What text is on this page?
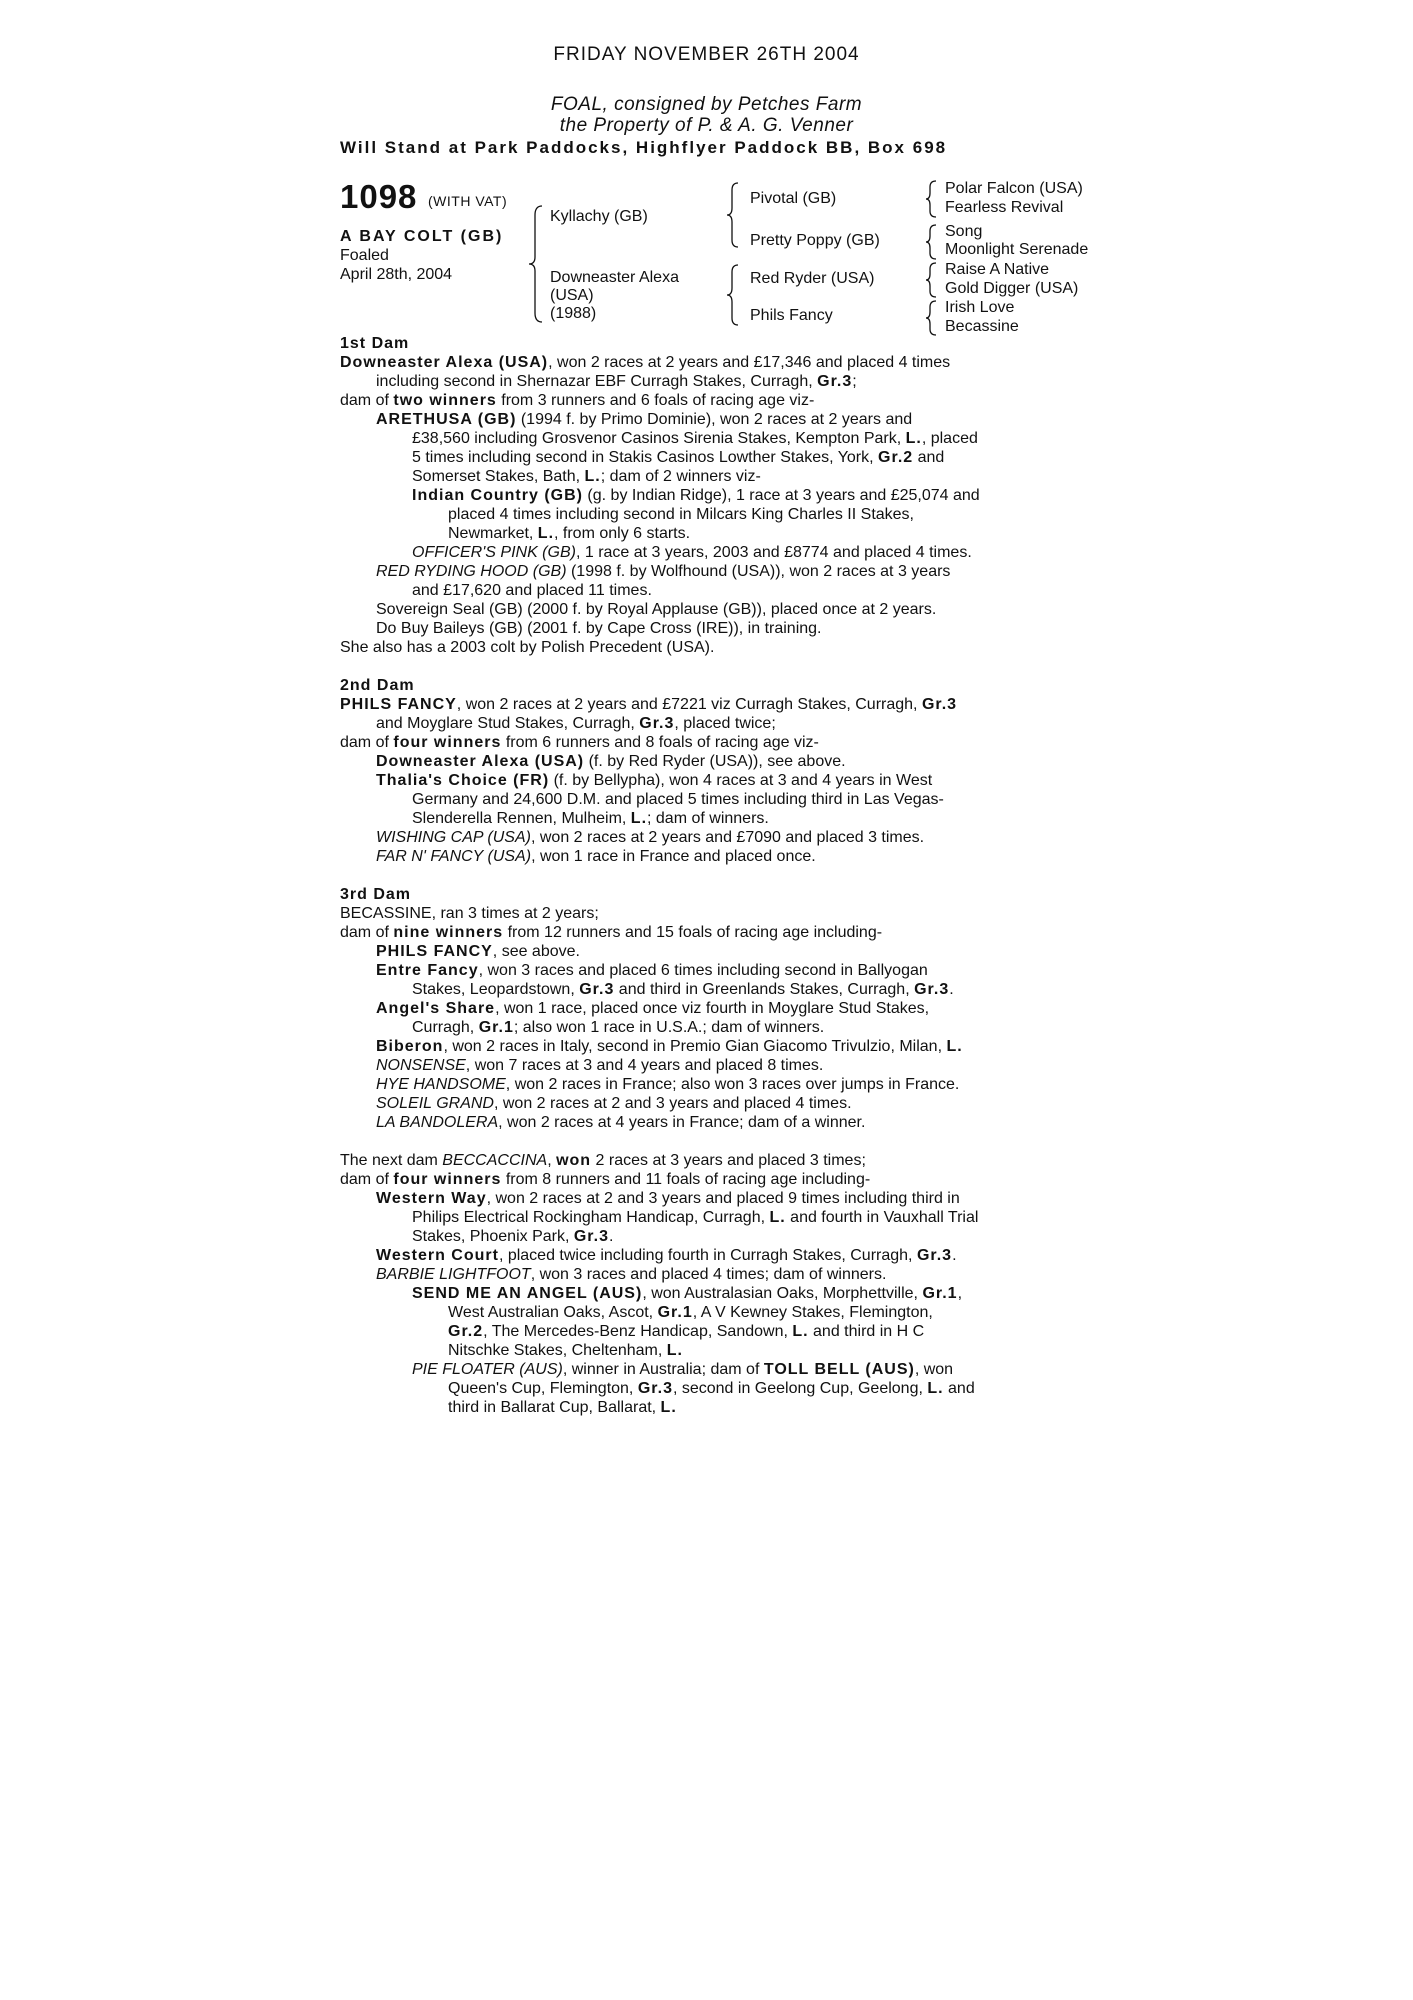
FRIDAY NOVEMBER 26TH 2004
FOAL, consigned by Petches Farm
the Property of P. & A. G. Venner
Will Stand at Park Paddocks, Highflyer Paddock BB, Box 698
1098 (WITH VAT)
A BAY COLT (GB)
Foaled
April 28th, 2004
Kyllachy (GB)
Downeaster Alexa
(USA)
(1988)
Pivotal (GB)
Pretty Poppy (GB)
Red Ryder (USA)
Phils Fancy
Polar Falcon (USA)
Fearless Revival
Song
Moonlight Serenade
Raise A Native
Gold Digger (USA)
Irish Love
Becassine
1st Dam
Downeaster Alexa (USA), won 2 races at 2 years and £17,346 and placed 4 times
including second in Shernazar EBF Curragh Stakes, Curragh, Gr.3;
dam of two winners from 3 runners and 6 foals of racing age viz-
ARETHUSA (GB) (1994 f. by Primo Dominie), won 2 races at 2 years and
£38,560 including Grosvenor Casinos Sirenia Stakes, Kempton Park, L., placed
5 times including second in Stakis Casinos Lowther Stakes, York, Gr.2 and
Somerset Stakes, Bath, L.; dam of 2 winners viz-
Indian Country (GB) (g. by Indian Ridge), 1 race at 3 years and £25,074 and
placed 4 times including second in Milcars King Charles II Stakes,
Newmarket, L., from only 6 starts.
OFFICER'S PINK (GB), 1 race at 3 years, 2003 and £8774 and placed 4 times.
RED RYDING HOOD (GB) (1998 f. by Wolfhound (USA)), won 2 races at 3 years
and £17,620 and placed 11 times.
Sovereign Seal (GB) (2000 f. by Royal Applause (GB)), placed once at 2 years.
Do Buy Baileys (GB) (2001 f. by Cape Cross (IRE)), in training.
She also has a 2003 colt by Polish Precedent (USA).
2nd Dam
PHILS FANCY, won 2 races at 2 years and £7221 viz Curragh Stakes, Curragh, Gr.3
and Moyglare Stud Stakes, Curragh, Gr.3, placed twice;
dam of four winners from 6 runners and 8 foals of racing age viz-
Downeaster Alexa (USA) (f. by Red Ryder (USA)), see above.
Thalia's Choice (FR) (f. by Bellypha), won 4 races at 3 and 4 years in West
Germany and 24,600 D.M. and placed 5 times including third in Las Vegas-
Slenderella Rennen, Mulheim, L.; dam of winners.
WISHING CAP (USA), won 2 races at 2 years and £7090 and placed 3 times.
FAR N' FANCY (USA), won 1 race in France and placed once.
3rd Dam
BECASSINE, ran 3 times at 2 years;
dam of nine winners from 12 runners and 15 foals of racing age including-
PHILS FANCY, see above.
Entre Fancy, won 3 races and placed 6 times including second in Ballyogan
Stakes, Leopardstown, Gr.3 and third in Greenlands Stakes, Curragh, Gr.3.
Angel's Share, won 1 race, placed once viz fourth in Moyglare Stud Stakes,
Curragh, Gr.1; also won 1 race in U.S.A.; dam of winners.
Biberon, won 2 races in Italy, second in Premio Gian Giacomo Trivulzio, Milan, L.
NONSENSE, won 7 races at 3 and 4 years and placed 8 times.
HYE HANDSOME, won 2 races in France; also won 3 races over jumps in France.
SOLEIL GRAND, won 2 races at 2 and 3 years and placed 4 times.
LA BANDOLERA, won 2 races at 4 years in France; dam of a winner.
The next dam BECCACCINA, won 2 races at 3 years and placed 3 times;
dam of four winners from 8 runners and 11 foals of racing age including-
Western Way, won 2 races at 2 and 3 years and placed 9 times including third in
Philips Electrical Rockingham Handicap, Curragh, L. and fourth in Vauxhall Trial
Stakes, Phoenix Park, Gr.3.
Western Court, placed twice including fourth in Curragh Stakes, Curragh, Gr.3.
BARBIE LIGHTFOOT, won 3 races and placed 4 times; dam of winners.
SEND ME AN ANGEL (AUS), won Australasian Oaks, Morphettville, Gr.1,
West Australian Oaks, Ascot, Gr.1, A V Kewney Stakes, Flemington,
Gr.2, The Mercedes-Benz Handicap, Sandown, L. and third in H C
Nitschke Stakes, Cheltenham, L.
PIE FLOATER (AUS), winner in Australia; dam of TOLL BELL (AUS), won
Queen's Cup, Flemington, Gr.3, second in Geelong Cup, Geelong, L. and
third in Ballarat Cup, Ballarat, L.
